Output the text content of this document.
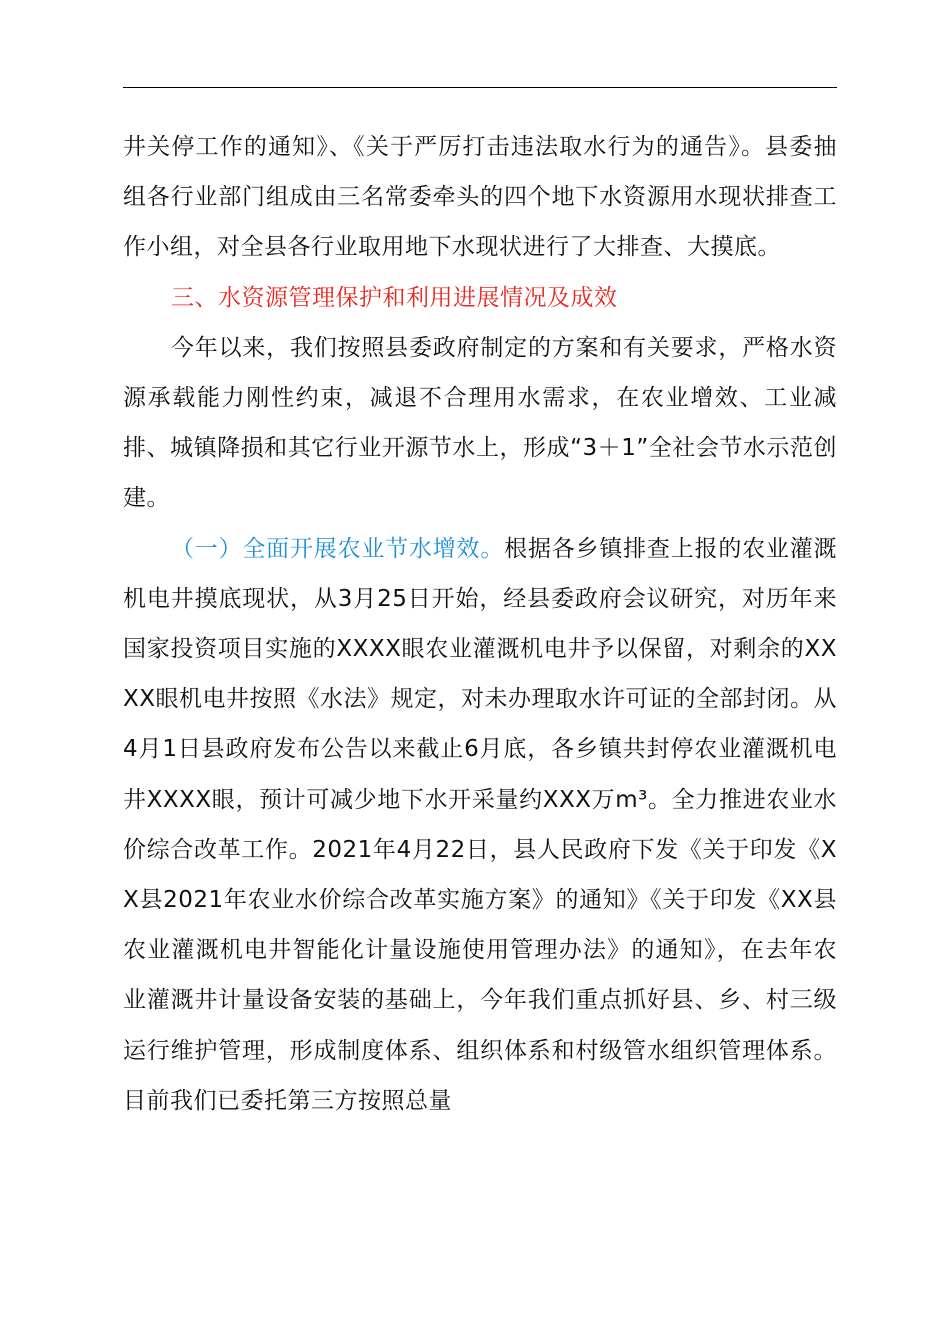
井关停工作的通知》、《关于严厉打击违法取水行为的通告》。县委抽组各行业部门组成由三名常委牵头的四个地下水资源用水现状排查工作小组，对全县各行业取用地下水现状进行了大排查、大摸底。

三、水资源管理保护和利用进展情况及成效

今年以来，我们按照县委政府制定的方案和有关要求，严格水资源承载能力刚性约束，减退不合理用水需求，在农业增效、工业减排、城镇降损和其它行业开源节水上，形成“3＋1”全社会节水示范创建。

（一）全面开展农业节水增效。根据各乡镇排查上报的农业灌溉机电井摸底现状，从3月25日开始，经县委政府会议研究，对历年来国家投资项目实施的XXXX眼农业灌溉机电井予以保留，对剩余的XXXX眼机电井按照《水法》规定，对未办理取水许可证的全部封闭。从4月1日县政府发布公告以来截止6月底，各乡镇共封停农业灌溉机电井XXXX眼，预计可减少地下水开采量约XXX万m³。全力推进农业水价综合改革工作。2021年4月22日，县人民政府下发《关于印发《XX县2021年农业水价综合改革实施方案》的通知》《关于印发《XX县农业灌溉机电井智能化计量设施使用管理办法》的通知》，在去年农业灌溉井计量设备安装的基础上，今年我们重点抓好县、乡、村三级运行维护管理，形成制度体系、组织体系和村级管水组织管理体系。目前我们已委托第三方按照总量
